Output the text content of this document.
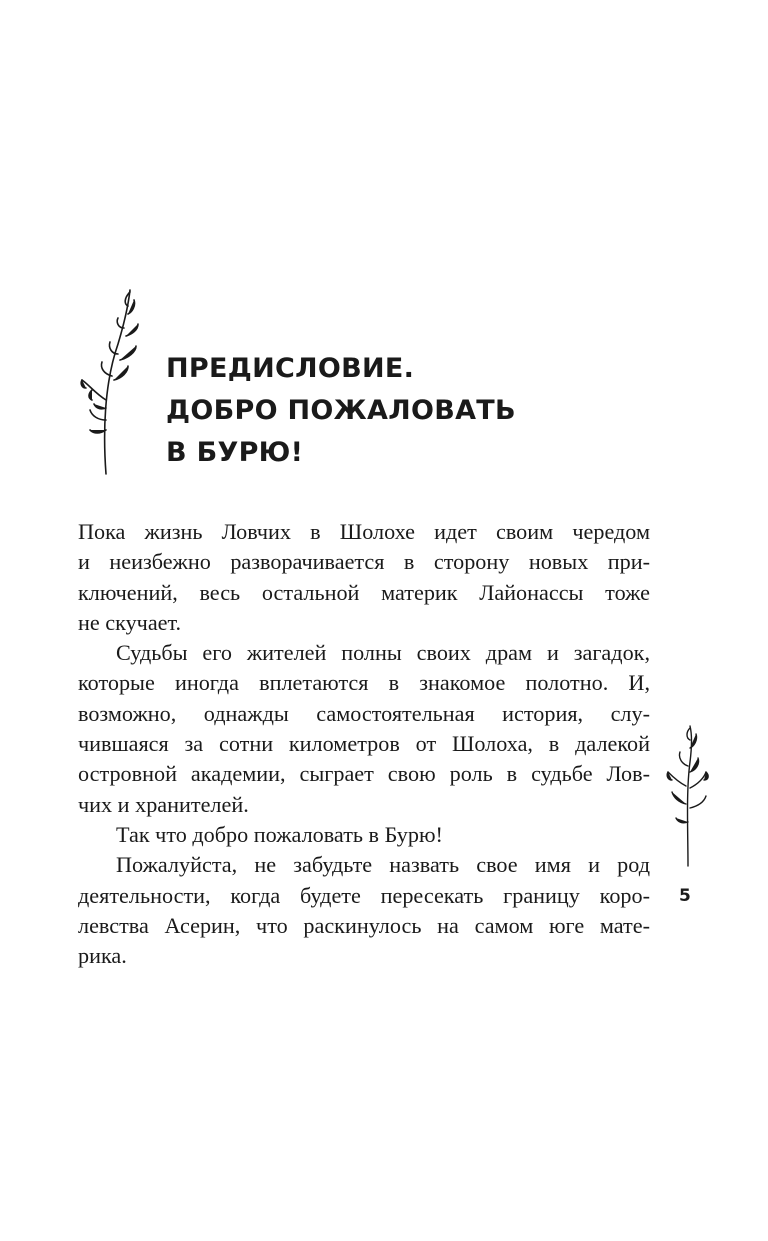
ПРЕДИСЛОВИЕ.
ДОБРО ПОЖАЛОВАТЬ
В БУРЮ!
Пока жизнь Ловчих в Шолохе идет своим чередом
и неизбежно разворачивается в сторону новых при-
ключений, весь остальной материк Лайонассы тоже
не скучает.
Судьбы его жителей полны своих драм и загадок,
которые иногда вплетаются в знакомое полотно. И,
возможно, однажды самостоятельная история, слу-
чившаяся за сотни километров от Шолоха, в далекой
островной академии, сыграет свою роль в судьбе Лов-
чих и хранителей.
Так что добро пожаловать в Бурю!
Пожалуйста, не забудьте назвать свое имя и род
деятельности, когда будете пересекать границу коро-
левства Асерин, что раскинулось на самом юге мате-
рика.
5
